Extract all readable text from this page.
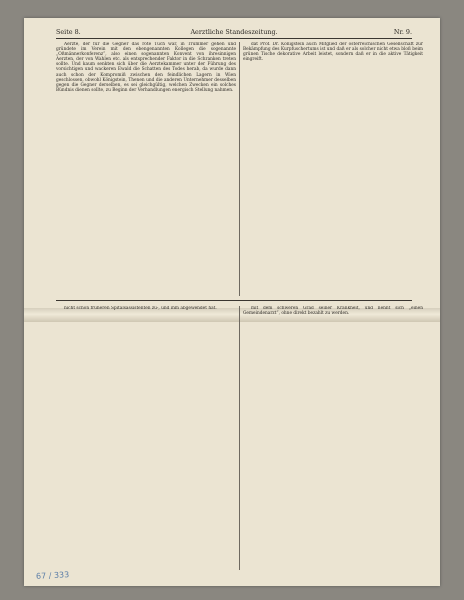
Seite 8.	Aerztliche Standeszeitung.	Nr. 9.

Aerzte, der für die Gegner das rote Tuch war, in Trümmer gehen und gründete im Verein mit den ebengenannten Kollegen die sogenannte „Oßmännerkonferenz“, also einen sogenannten Konvent von ihresinnigen Aerzten, der von Wahlen etc. als entsprechender Faktor in die Schranken treten sollte. Und kaum senkten sich über die Aerztekammer unter der Führung des vorsichtigen und wackeren Ewald die Schatten des Todes herab, da wurde dann auch schon der Kompromiß zwischen den feindlichen Lagern in Wien geschlossen, obwohl Königstein, Thenen und die anderen Unternehmer desselben gegen die Gegner derselben, es sei gleichgültig, welchen Zwecken ein solches Bündnis dienen sollte, zu Beginn der Verhandlungen energisch Stellung nahmen.

dat Prof. Dr. Königstein auch Mitglied der österreichischen Gesellschaft zur Bekämpfung des Kurpfuschertums ist und daß er als solcher nicht etwa bloß beim grünen Tische dekorative Arbeit leistet, sondern daß er in die aktive Tätigkeit eingreift.

nicht schon früheren Spitalsassistenten zu-, und ihm abgewendet hat.	mit dem schweren Grad seiner Krankheit, und nennt sich „einen Gemeindenarzt“, ohne direkt bezahlt zu werden.

67 / 333
